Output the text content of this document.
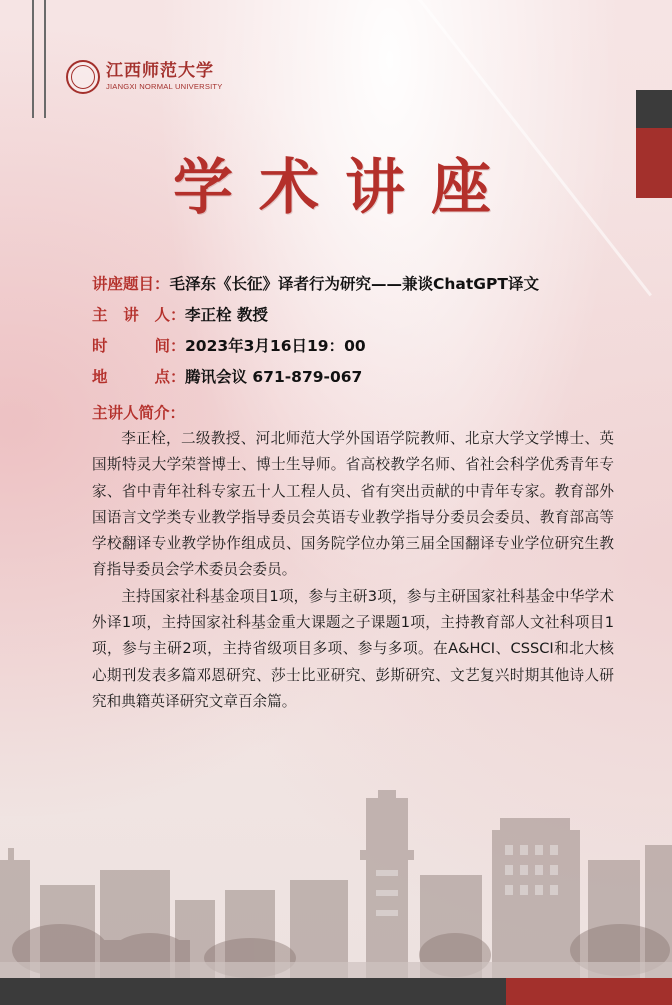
江西师范大学
JIANGXI NORMAL UNIVERSITY
学术讲座
讲座题目： 毛泽东《长征》译者行为研究——兼谈ChatGPT译文
主 讲 人 ： 李正栓 教授
时	间 ： 2023年3月16日19：00
地	点 ： 腾讯会议 671-879-067
主讲人简介：

李正栓，二级教授、河北师范大学外国语学院教师、北京大学文学博士、英国斯特灵大学荣誉博士、博士生导师。省高校教学名师、省社会科学优秀青年专家、省中青年社科专家五十人工程人员、省有突出贡献的中青年专家。教育部外国语言文学类专业教学指导委员会英语专业教学指导分委员会委员、教育部高等学校翻译专业教学协作组成员、国务院学位办第三届全国翻译专业学位研究生教育指导委员会学术委员会委员。

主持国家社科基金项目1项，参与主研3项，参与主研国家社科基金中华学术外译1项，主持国家社科基金重大课题之子课题1项，主持教育部人文社科项目1项，参与主研2项，主持省级项目多项、参与多项。在A&HCI、CSSCI和北大核心期刊发表多篇邓恩研究、莎士比亚研究、彭斯研究、文艺复兴时期其他诗人研究和典籍英译研究文章百余篇。
